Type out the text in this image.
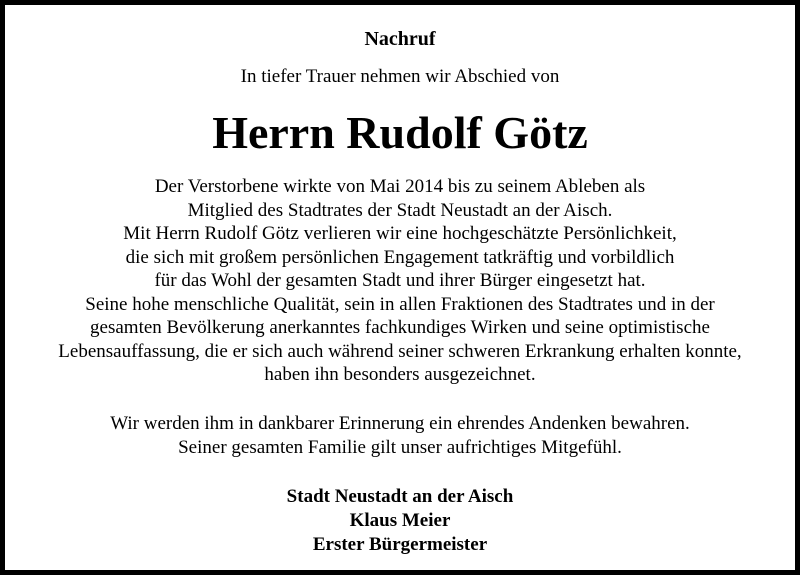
Nachruf
In tiefer Trauer nehmen wir Abschied von
Herrn Rudolf Götz
Der Verstorbene wirkte von Mai 2014 bis zu seinem Ableben als
Mitglied des Stadtrates der Stadt Neustadt an der Aisch.
Mit Herrn Rudolf Götz verlieren wir eine hochgeschätzte Persönlichkeit,
die sich mit großem persönlichen Engagement tatkräftig und vorbildlich
für das Wohl der gesamten Stadt und ihrer Bürger eingesetzt hat.
Seine hohe menschliche Qualität, sein in allen Fraktionen des Stadtrates und in der
gesamten Bevölkerung anerkanntes fachkundiges Wirken und seine optimistische
Lebensauffassung, die er sich auch während seiner schweren Erkrankung erhalten konnte,
haben ihn besonders ausgezeichnet.
Wir werden ihm in dankbarer Erinnerung ein ehrendes Andenken bewahren.
Seiner gesamten Familie gilt unser aufrichtiges Mitgefühl.
Stadt Neustadt an der Aisch
Klaus Meier
Erster Bürgermeister
